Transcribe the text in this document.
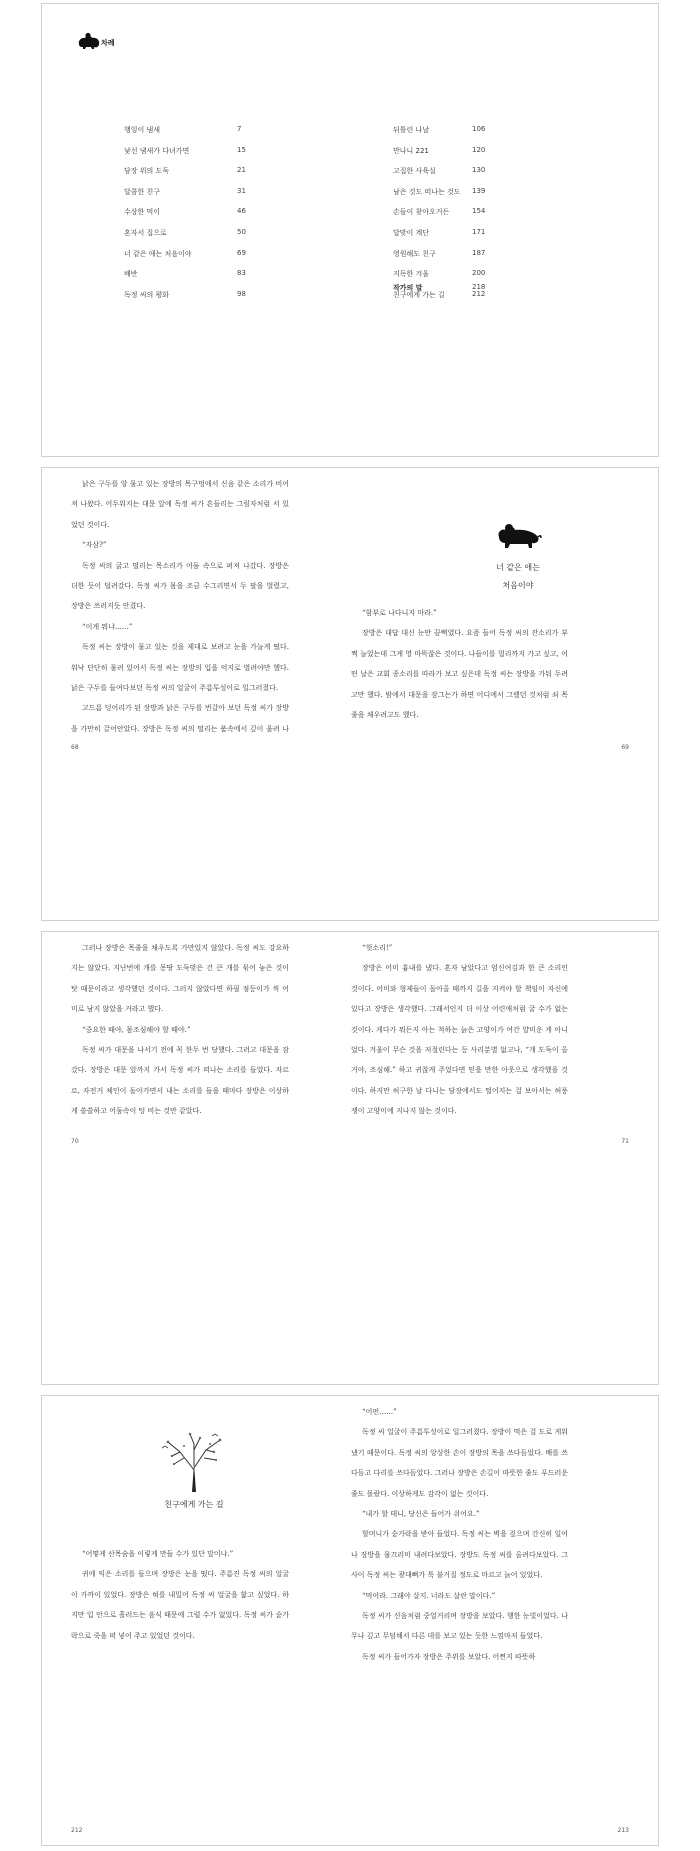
차례
행잉이 냄새	7
낯선 냄새가 다녀가면	15
담장 위의 도둑	21
달콤한 친구	31
수상한 먹이	46
혼자서 집으로	50
너 같은 애는 처음이야	69
배반	83
독정 씨의 평화	98
뒤틀린 나날	106
만나니 221	120
고집한 사육실	130
남은 것도 떠나는 것도 139
손들이 찾아오거든	154
달맞이 계단	171
영원해도 친구	187
지독한 겨울	200
친구에게 가는 길	212
작가의 말	218

낡은 구두를 앙 물고 있는 장방의 목구멍에서 신음 같은 소리가 비어져 나왔다. 어두워지는 대문 앞에 독정 씨가 흔들리는 그림자처럼 서 있었던 것이다.

“자삼?”

독정 씨의 굵고 떨리는 목소리가 어둠 속으로 퍼져 나갔다. 장방은 더한 듯이 덜려갔다. 독정 씨가 몸을 조금 수그리면서 두 팔을 벌렸고, 장방은 쓰러지듯 안겼다.

“이게 뭐냐……”

독정 씨는 장방이 물고 있는 것을 제대로 보려고 눈을 가늘게 떴다. 워낙 단단히 물려 있어서 독정 씨는 장방의 입을 억지로 벌려야만 했다. 낡은 구두를 들여다보던 독정 씨의 얼굴이 주름투성이로 일그러졌다.

고드름 덩어리가 된 장방과 낡은 구두를 번갈아 보던 독정 씨가 장방을 가만히 끌어안았다. 장방은 독정 씨의 떨리는 품속에서 깊이 울려 나

68
너 같은 애는
처음이야

“함부로 나다니지 마라.”

장방은 대답 대신 눈만 끔뻑였다. 요즘 들어 독정 씨의 잔소리가 부쩍 늘었는데 그게 영 마뜩잖은 것이다. 나들이를 멀리까지 가고 싶고, 어떤 날은 교회 종소리를 따라가 보고 싶은데 독정 씨는 장방을 가둬 두려고만 했다. 밤에서 대문을 잠그는가 하면 어디에서 그랬던 것처럼 쇠 목줄을 채우려고도 했다.

69

그러나 장방은 목줄을 채우도록 가만있지 않았다. 독정 씨도 강요하지는 않았다. 지난번에 개를 몽땅 도둑맞은 건 큰 개를 묶어 놓은 것이 탓 때문이라고 생각했던 것이다. 그러지 않았다면 하필 점등이가 씩 어미로 남지 않았을 거라고 했다.

“중요한 때야, 몸조심해야 할 때야.”

독정 씨가 대문을 나서기 전에 꼭 한두 번 당했다. 그러고 대문을 잠갔다. 장방은 대문 앞까지 가서 독정 씨가 떠나는 소리를 들었다. 자르르, 자전거 체인이 돌아가면서 내는 소리를 들을 때마다 장방은 이상하게 쓸쓸하고 어둠속이 텅 비는 것만 같았다.

70

“헛소리!”

장방은 어미 흉내를 냈다. 혼자 남았다고 엄신여김과 한 큰 소리인 것이다. 어미와 형제들이 돌아올 때까지 길을 지켜야 할 책임이 자신에 있다고 장방은 생각했다. 그래서인지 더 이상 어린애처럼 굴 수가 없는 것이다. 게다가 뭐든지 아는 척하는 늙은 고양이가 여간 얄미운 게 아니었다. 겨울이 무슨 것을 저절린다는 등 사리분별 없고나, “개 도둑이 올 거야, 조심해.” 하고 귀찮게 주었다면 믿을 만한 아웃으로 생각했을 것이다. 하지만 허구한 날 다니는 담장에서도 떨어지는 걸 보아서는 허풍쟁이 고양이에 지나지 않는 것이다.

71
친구에게 가는 길

“어떻게 산목숨을 이렇게 만들 수가 있단 말이냐.”

귀에 익은 소리를 들으며 장방은 눈을 떴다. 주름진 독정 씨의 얼굴이 가까이 있었다. 장방은 혀를 내밀어 독정 씨 얼굴을 핥고 싶었다. 하지만 입 안으로 흘러드는 음식 때문에 그럴 수가 없었다. 독정 씨가 숟가락으로 죽을 떠 넣어 주고 있었던 것이다.

212

“어떤……”

독정 씨 얼굴이 주름투성이로 일그러졌다. 장방이 먹은 걸 도로 게워 냈기 때문이다. 독정 씨의 앙상한 손이 장방의 목을 쓰다듬었다. 배를 쓰다듬고 다리를 쓰다듬었다. 그러나 장방은 손길이 따뜻한 줄도 푸드러운 줄도 몰랐다. 이상하게도 감각이 없는 것이다.

“내가 할 테니, 당신은 들어가 쉬어요.”

할머니가 숟가락을 받아 들었다. 독정 씨는 벽을 짚으며 간신히 일어나 장방을 물끄러미 내려다보았다. 장방도 독정 씨를 올려다보았다. 그사이 독정 씨는 광대뼈가 툭 불거질 정도로 마르고 늙어 있었다.

“먹어라. 그래야 살지. 너라도 살란 말이다.”

독정 씨가 신음처럼 중얼거리며 장방을 보았다. 행한 눈빛이었다. 나무나 깊고 무덤해서 다른 데를 보고 있는 듯한 느낌마저 들었다.

독정 씨가 들어가자 장방은 주위를 보았다. 어쩐지 따뜻하

213
